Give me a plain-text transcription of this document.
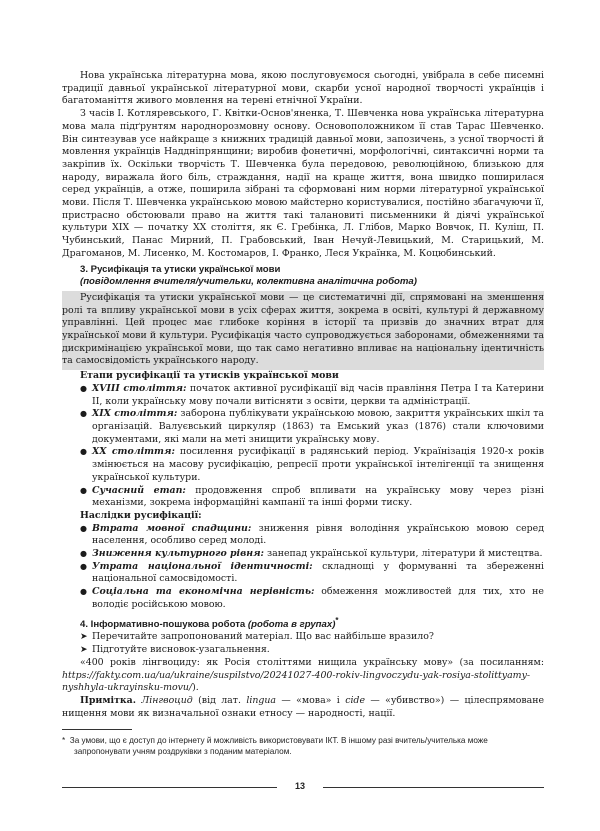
Нова українська літературна мова, якою послуговуємося сьогодні, увібрала в себе писемні традиції давньої української літературної мови, скарби усної народної творчості українців і багатоманіття живого мовлення на терені етнічної України.

З часів І. Котляревського, Г. Квітки-Основ'яненка, Т. Шевченка нова українська літературна мова мала підґрунтям народнорозмовну основу. Основоположником її став Тарас Шевченко. Він синтезував усе найкраще з книжних традицій давньої мови, запозичень, з усної творчості й мовлення українців Наддніпрянщини; виробив фонетичні, морфологічні, синтаксичні норми та закріпив їх. Оскільки творчість Т. Шевченка була передовою, революційною, близькою для народу, виражала його біль, страждання, надії на краще життя, вона швидко поширилася серед українців, а отже, поширила зібрані та сформовані ним норми літературної української мови. Після Т. Шевченка українською мовою майстерно користувалися, постійно збагачуючи її, пристрасно обстоювали право на життя такі талановиті письменники й діячі української культури XIX — початку XX століття, як Є. Гребінка, Л. Глібов, Марко Вовчок, П. Куліш, П. Чубинський, Панас Мирний, П. Грабовський, Іван Нечуй-Левицький, М. Старицький, М. Драгоманов, М. Лисенко, М. Костомаров, І. Франко, Леся Українка, М. Коцюбинський.

3. Русифікація та утиски української мови
(повідомлення вчителя/учительки, колективна аналітична робота)

Русифікація та утиски української мови — це систематичні дії, спрямовані на зменшення ролі та впливу української мови в усіх сферах життя, зокрема в освіті, культурі й державному управлінні. Цей процес має глибоке коріння в історії та призвів до значних втрат для української мови й культури. Русифікація часто супроводжується заборонами, обмеженнями та дискримінацією української мови, що так само негативно впливає на національну ідентичність та самосвідомість українського народу.

Етапи русифікації та утисків української мови

● XVIII століття: початок активної русифікації від часів правління Петра I та Катерини II, коли українську мову почали витісняти з освіти, церкви та адміністрації.
● XIX століття: заборона публікувати українською мовою, закриття українських шкіл та організацій. Валуєвський циркуляр (1863) та Емський указ (1876) стали ключовими документами, які мали на меті знищити українську мову.
● XX століття: посилення русифікації в радянський період. Українізація 1920-х років змінюється на масову русифікацію, репресії проти української інтелігенції та знищення української культури.
● Сучасний етап: продовження спроб впливати на українську мову через різні механізми, зокрема інформаційні кампанії та інші форми тиску.

Наслідки русифікації:

● Втрата мовної спадщини: зниження рівня володіння українською мовою серед населення, особливо серед молоді.
● Зниження культурного рівня: занепад української культури, літератури й мистецтва.
● Утрата національної ідентичності: складнощі у формуванні та збереженні національної самосвідомості.
● Соціальна та економічна нерівність: обмеження можливостей для тих, хто не володіє російською мовою.
4. Інформативно-пошукова робота (робота в групах)*
➤ Перечитайте запропонований матеріал. Що вас найбільше вразило?
➤ Підготуйте висновок-узагальнення.

«400 років лінгвоциду: як Росія століттями нищила українську мову» (за посиланням: https://fakty.com.ua/ua/ukraine/suspilstvo/20241027-400-rokiv-lingvoczydu-yak-rosiya-stolittyamy-nyshhyla-ukrayinsku-movu/).

Примітка. Лінгвоцид (від лат. lingua — «мова» і cide — «убивство») — цілеспрямоване нищення мови як визначальної ознаки етносу — народності, нації.

* За умови, що є доступ до інтернету й можливість використовувати ІКТ. В іншому разі вчитель/учителька може запропонувати учням роздруківки з поданим матеріалом.
13
